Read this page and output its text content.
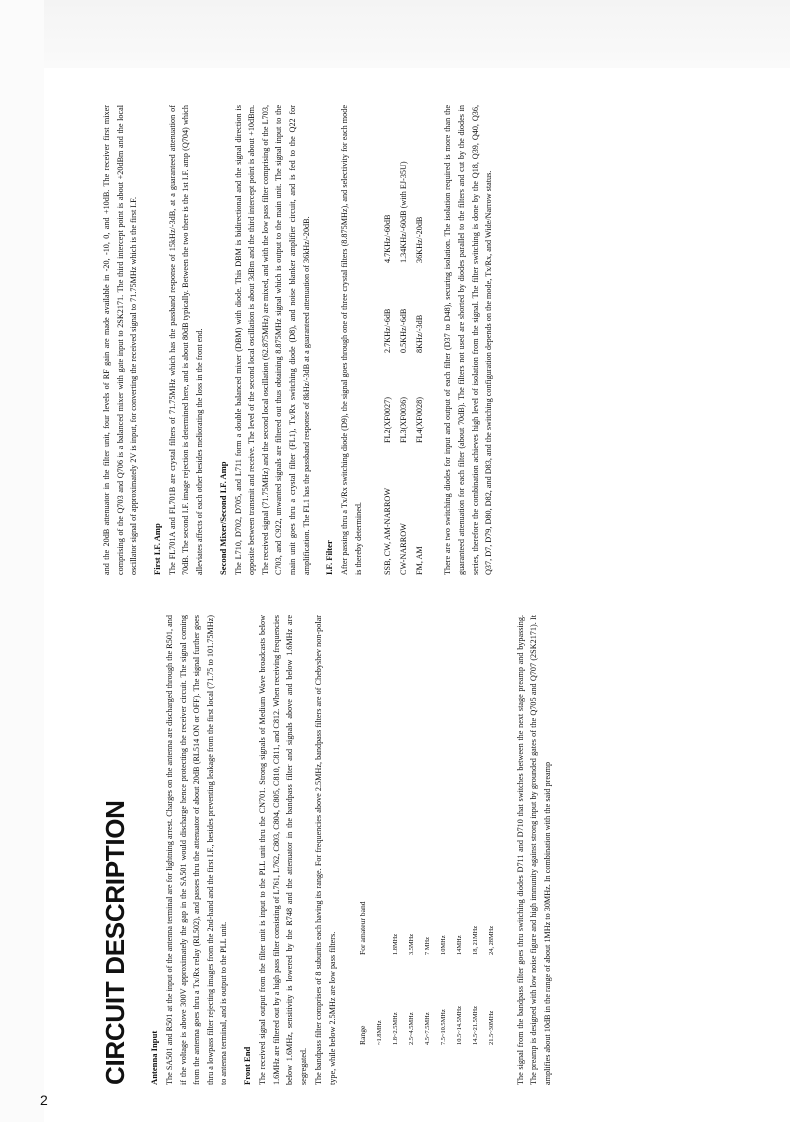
CIRCUIT DESCRIPTION Antenna Input The SA501 and R501 at the input of the antenna terminal are for lightning arrest. Charges on the antenna are discharged through the R501, and if the voltage is above 300V approximately the gap in the SA501 would discharge hence protecting the receiver circuit. The signal coming from the antenna goes thru a Tx/Rx relay (RL502), and passes thru the attenuator of about 20dB (RL514 ON or OFF). The signal further goes thru a lowpass filter rejecting images from the 2nd-hand and the first I.F., besides preventing leakage from the first local (71.75 to 101.75MHz) to antenna terminal, and is output to the PLL unit.	Front End The received signal output from the filter unit is input to the PLL unit thru the CN701. Strong signals of Medium Wave broadcasts below 1.6MHz are filtered out by a high pass filter consisting of L761, L762, C803, C804, C805, C810, C811, and C812. When receiving frequencies below 1.6MHz, sensitivity is lowered by the R748 and the attenuator in the bandpass filter and signals above and below 1.6MHz are segregated. The bandpass filter comprises of 8 subunits each having its range. For frequencies above 2.5MHz, bandpass filters are of Chebyshev non-polar type, while below 2.5MHz are low pass filters.	Range	For amateur band
~1.8MHz	
1.8~2.5MHz	1.8MHz
2.5~4.5MHz	3.5MHz
4.5~7.5MHz	7 MHz
7.5~10.5MHz	10MHz
10.5~14.5MHz	14MHz
14.5~21.5MHz	18, 21MHz
21.5~30MHz	24, 28MHz	The signal from the bandpass filter goes thru switching diodes D711 and D710 that switches between the next stage preamp and bypassing. The preamp is designed with low noise figure and high immunity against strong input by grounded gates of the Q705 and Q707 (2SK2171). It amplifies about 10dB in the range of about 1MHz to 30MHz. In combination with the said preamp

and the 20dB attenuator in the filter unit, four levels of RF gain are made available in -20, -10, 0, and +10dB. The receiver first mixer comprising of the Q703 and Q706 is a balanced mixer with gate input to 2SK2171. The third intercept point is about +20dBm and the local oscillator signal of approximately 2V is input, for converting the received signal to 71.75MHz which is the first I.F.	First I.F. Amp The FL701A and FL701B are crystal filters of 71.75MHz which has the passband response of 15kHz/-3dB, at a guaranteed attenuation of 70dB. The second I.F. image rejection is determined here, and is about 80dB typically. Between the two there is the 1st I.F. amp (Q704) which alleviates affects of each other besides meliorating the loss in the front end.	Second Mixer/Second I.F. Amp The L710, D702, D705, and L711 form a double balanced mixer (DBM) with diode. This DBM is bidirectional and the signal direction is opposite between transmit and receive. The level of the second local oscillation is about 3dBm and the third intercept point is about +10dBm. The received signal (71.75MHz) and the second local oscillation (62.875MHz) are mixed, and with the low pass filter comprising of the L703, C703, and C922, unwanted signals are filtered out thus obtaining 8.875MHz signal which is output to the main unit. The signal input to the main unit goes thru a crystal filter (FL1), Tx/Rx switching diode (D8), and noise blanker amplifier circuit, and is fed to the Q22 for amplification. The FL1 has the passband response of 8kHz/-3dB at a guaranteed attenuation of 36kHz/-20dB.	I.F. Filter After passing thru a Tx/Rx switching diode (D9), the signal goes through one of three crystal filters (8.875MHz), and selectivity for each mode is thereby determined.	SSB, CW, AM-NARROW	FL2(XF0027)	2.7KHz/-6dB	4.7KHz/-60dB
CW-NARROW	FL3(XF0036)	0.5KHz/-6dB	1.34KHz/-60dB (with EJ-35U)
FM, AM	FL4(XF0028)	8KHz/-3dB	36KHz/-20dB There are two switching diodes for input and output of each filter (D37 to D48), securing isolation. The isolation required is more than the guaranteed attenuation for each filter (about 70dB). The filters not used are shorted by diodes parallel to the filters and cut by the diodes in series, therefore the combination achieves high level of isolation from the signal. The filter switching is done by the Q18, Q39, Q40, Q36, Q37, D7, D79, D80, D82, and D83, and the switching configuration depends on the mode, Tx/Rx, and Wide/Narrow status.

2
